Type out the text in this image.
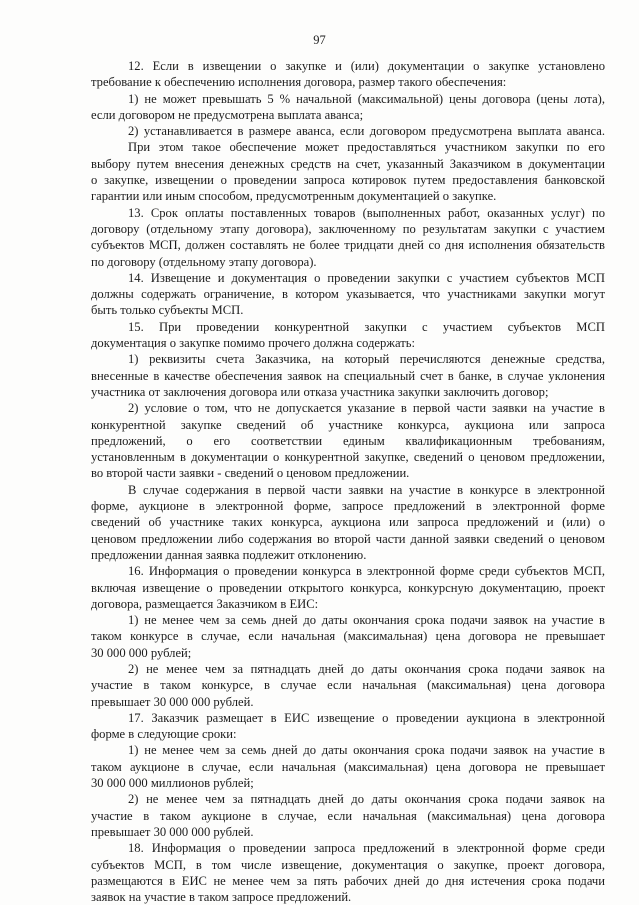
97
12. Если в извещении о закупке и (или) документации о закупке установлено
требование к обеспечению исполнения договора, размер такого обеспечения:
1) не может превышать 5 % начальной (максимальной) цены договора (цены лота),
если договором не предусмотрена выплата аванса;
2) устанавливается в размере аванса, если договором предусмотрена выплата аванса.
При этом такое обеспечение может предоставляться участником закупки по его
выбору путем внесения денежных средств на счет, указанный Заказчиком в документации
о закупке, извещении о проведении запроса котировок путем предоставления банковской
гарантии или иным способом, предусмотренным документацией о закупке.
13. Срок оплаты поставленных товаров (выполненных работ, оказанных услуг) по
договору (отдельному этапу договора), заключенному по результатам закупки с участием
субъектов МСП, должен составлять не более тридцати дней со дня исполнения обязательств
по договору (отдельному этапу договора).
14. Извещение и документация о проведении закупки с участием субъектов МСП
должны содержать ограничение, в котором указывается, что участниками закупки могут
быть только субъекты МСП.
15. При проведении конкурентной закупки с участием субъектов МСП
документация о закупке помимо прочего должна содержать:
1) реквизиты счета Заказчика, на который перечисляются денежные средства,
внесенные в качестве обеспечения заявок на специальный счет в банке, в случае уклонения
участника от заключения договора или отказа участника закупки заключить договор;
2) условие о том, что не допускается указание в первой части заявки на участие в
конкурентной закупке сведений об участнике конкурса, аукциона или запроса
предложений, о его соответствии единым квалификационным требованиям,
установленным в документации о конкурентной закупке, сведений о ценовом предложении,
во второй части заявки - сведений о ценовом предложении.
В случае содержания в первой части заявки на участие в конкурсе в электронной
форме, аукционе в электронной форме, запросе предложений в электронной форме
сведений об участнике таких конкурса, аукциона или запроса предложений и (или) о
ценовом предложении либо содержания во второй части данной заявки сведений о ценовом
предложении данная заявка подлежит отклонению.
16. Информация о проведении конкурса в электронной форме среди субъектов МСП,
включая извещение о проведении открытого конкурса, конкурсную документацию, проект
договора, размещается Заказчиком в ЕИС:
1) не менее чем за семь дней до даты окончания срока подачи заявок на участие в
таком конкурсе в случае, если начальная (максимальная) цена договора не превышает
30 000 000 рублей;
2) не менее чем за пятнадцать дней до даты окончания срока подачи заявок на
участие в таком конкурсе, в случае если начальная (максимальная) цена договора
превышает 30 000 000 рублей.
17. Заказчик размещает в ЕИС извещение о проведении аукциона в электронной
форме в следующие сроки:
1) не менее чем за семь дней до даты окончания срока подачи заявок на участие в
таком аукционе в случае, если начальная (максимальная) цена договора не превышает
30 000 000 миллионов рублей;
2) не менее чем за пятнадцать дней до даты окончания срока подачи заявок на
участие в таком аукционе в случае, если начальная (максимальная) цена договора
превышает 30 000 000 рублей.
18. Информация о проведении запроса предложений в электронной форме среди
субъектов МСП, в том числе извещение, документация о закупке, проект договора,
размещаются в ЕИС не менее чем за пять рабочих дней до дня истечения срока подачи
заявок на участие в таком запросе предложений.
